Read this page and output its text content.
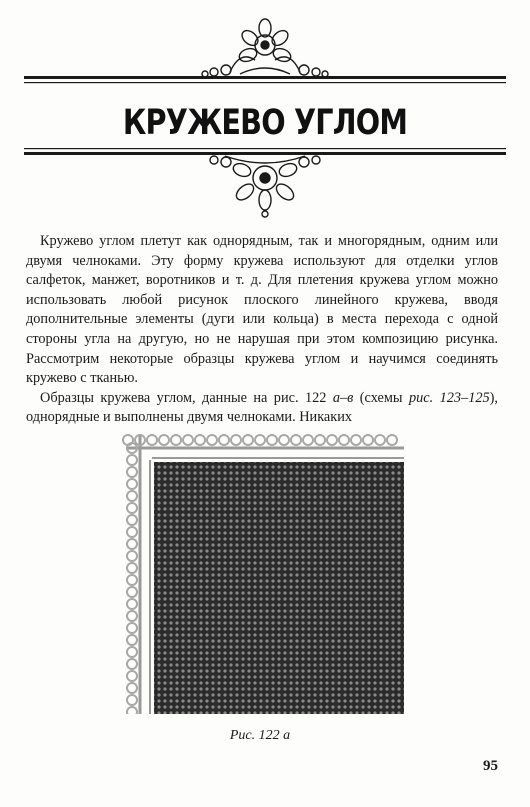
КРУЖЕВО УГЛОМ

Кружево углом плетут как однорядным, так и многорядным, одним или двумя челноками. Эту форму кружева используют для отделки углов салфеток, манжет, воротников и т. д. Для плетения кружева углом можно использовать любой рисунок плоского линейного кружева, вводя дополнительные элементы (дуги или кольца) в места перехода с одной стороны угла на другую, но не нарушая при этом композицию рисунка. Рассмотрим некоторые образцы кружева углом и научимся соединять кружево с тканью.

Образцы кружева углом, данные на рис. 122 а–в (схемы рис. 123–125), однорядные и выполнены двумя челноками. Никаких

Рис. 122 а
95
